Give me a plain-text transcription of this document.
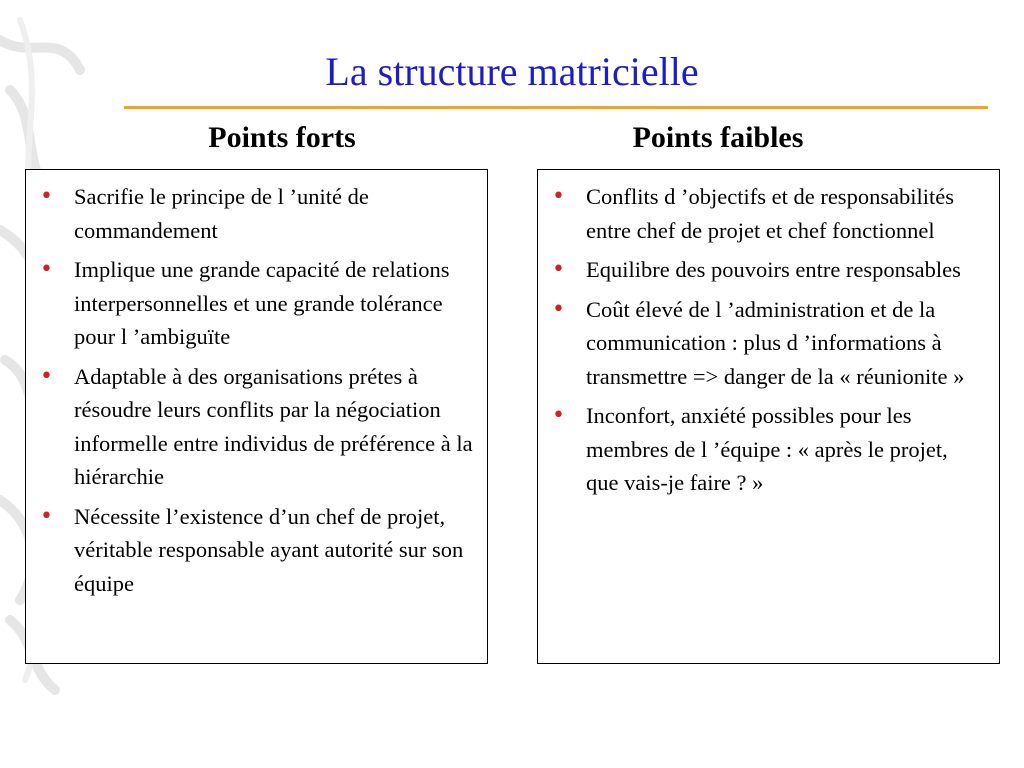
La structure matricielle
Points forts	Points faibles
• Sacrifie le principe de l ’unité de commandement
• Implique une grande capacité de relations interpersonnelles et une grande tolérance pour l ’ambiguïte
• Adaptable à des organisations prétes à résoudre leurs conflits par la négociation informelle entre individus de préférence à la hiérarchie
• Nécessite l’existence d’un chef de projet, véritable responsable ayant autorité sur son équipe
• Conflits d ’objectifs et de responsabilités entre chef de projet et chef fonctionnel
• Equilibre des pouvoirs entre responsables
• Coût élevé de l ’administration et de la communication : plus d ’informations à transmettre => danger de la « réunionite »
• Inconfort, anxiété possibles pour les membres de l ’équipe : « après le projet, que vais-je faire ? »
